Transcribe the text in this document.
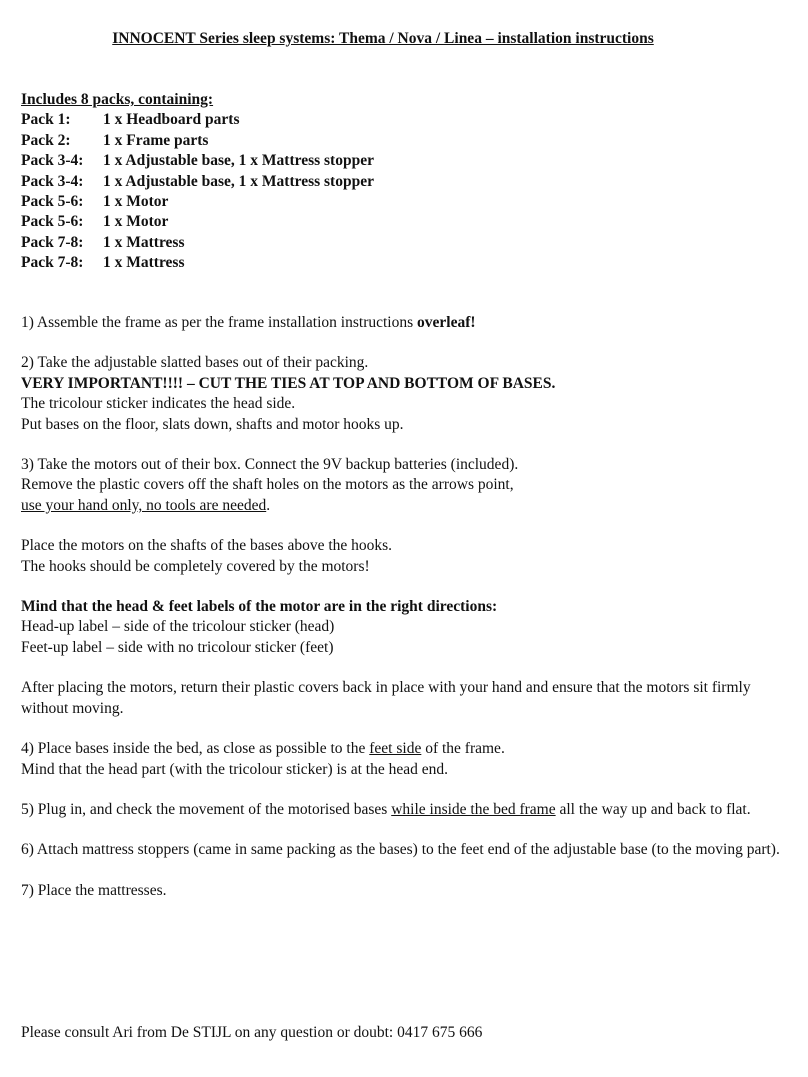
INNOCENT Series sleep systems: Thema / Nova / Linea – installation instructions
Includes 8 packs, containing:
Pack 1:	1 x Headboard parts
Pack 2:	1 x Frame parts
Pack 3-4:	1 x Adjustable base, 1 x Mattress stopper
Pack 3-4:	1 x Adjustable base, 1 x Mattress stopper
Pack 5-6:	1 x Motor
Pack 5-6:	1 x Motor
Pack 7-8:	1 x Mattress
Pack 7-8:	1 x Mattress

1) Assemble the frame as per the frame installation instructions overleaf!

2) Take the adjustable slatted bases out of their packing.
VERY IMPORTANT!!!! – CUT THE TIES AT TOP AND BOTTOM OF BASES.
The tricolour sticker indicates the head side.
Put bases on the floor, slats down, shafts and motor hooks up.

3) Take the motors out of their box. Connect the 9V backup batteries (included).
Remove the plastic covers off the shaft holes on the motors as the arrows point,
use your hand only, no tools are needed.

Place the motors on the shafts of the bases above the hooks.
The hooks should be completely covered by the motors!

Mind that the head & feet labels of the motor are in the right directions:
Head-up label – side of the tricolour sticker (head)
Feet-up label – side with no tricolour sticker (feet)

After placing the motors, return their plastic covers back in place with your hand and ensure that the motors sit firmly without moving.

4) Place bases inside the bed, as close as possible to the feet side of the frame.
Mind that the head part (with the tricolour sticker) is at the head end.

5) Plug in, and check the movement of the motorised bases while inside the bed frame all the way up and back to flat.

6) Attach mattress stoppers (came in same packing as the bases) to the feet end of the adjustable base (to the moving part).

7) Place the mattresses.

Please consult Ari from De STIJL on any question or doubt: 0417 675 666
